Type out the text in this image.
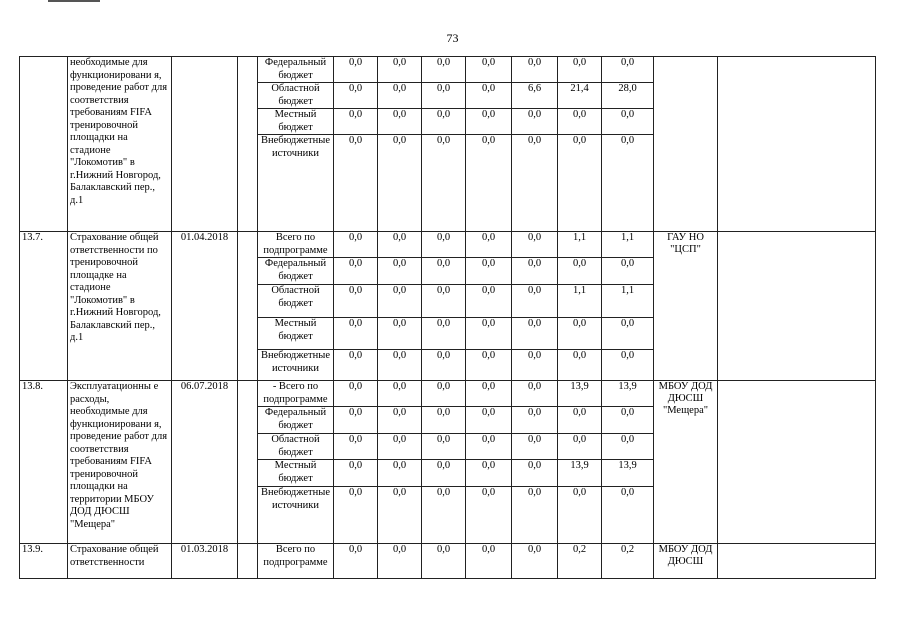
73
	необходимые для функционировани я, проведение работ для соответствия требованиям FIFA тренировочной площадки на стадионе "Локомотив" в г.Нижний Новгород, Балаклавский пер., д.1			Федеральный бюджет	0,0	0,0	0,0	0,0	0,0	0,0	0,0		
				Областной бюджет	0,0	0,0	0,0	0,0	6,6	21,4	28,0		
				Местный бюджет	0,0	0,0	0,0	0,0	0,0	0,0	0,0		
				Внебюджетные источники	0,0	0,0	0,0	0,0	0,0	0,0	0,0		
13.7.	Страхование общей ответственности по тренировочной площадке на стадионе "Локомотив" в г.Нижний Новгород, Балаклавский пер., д.1	01.04.2018		Всего по подпрограмме	0,0	0,0	0,0	0,0	0,0	1,1	1,1	ГАУ НО "ЦСП"	
				Федеральный бюджет	0,0	0,0	0,0	0,0	0,0	0,0	0,0		
				Областной бюджет	0,0	0,0	0,0	0,0	0,0	1,1	1,1		
				Местный бюджет	0,0	0,0	0,0	0,0	0,0	0,0	0,0		
				Внебюджетные источники	0,0	0,0	0,0	0,0	0,0	0,0	0,0		
13.8.	Эксплуатационны е расходы, необходимые для функционировани я, проведение работ для соответствия требованиям FIFA тренировочной площадки на территории МБОУ ДОД ДЮСШ "Мещера"	06.07.2018		- Всего по подпрограмме	0,0	0,0	0,0	0,0	0,0	13,9	13,9	МБОУ ДОД ДЮСШ "Мещера"	
				Федеральный бюджет	0,0	0,0	0,0	0,0	0,0	0,0	0,0		
				Областной бюджет	0,0	0,0	0,0	0,0	0,0	0,0	0,0		
				Местный бюджет	0,0	0,0	0,0	0,0	0,0	13,9	13,9		
				Внебюджетные источники	0,0	0,0	0,0	0,0	0,0	0,0	0,0		
13.9.	Страхование общей ответственности	01.03.2018		Всего по подпрограмме	0,0	0,0	0,0	0,0	0,0	0,2	0,2	МБОУ ДОД ДЮСШ	
